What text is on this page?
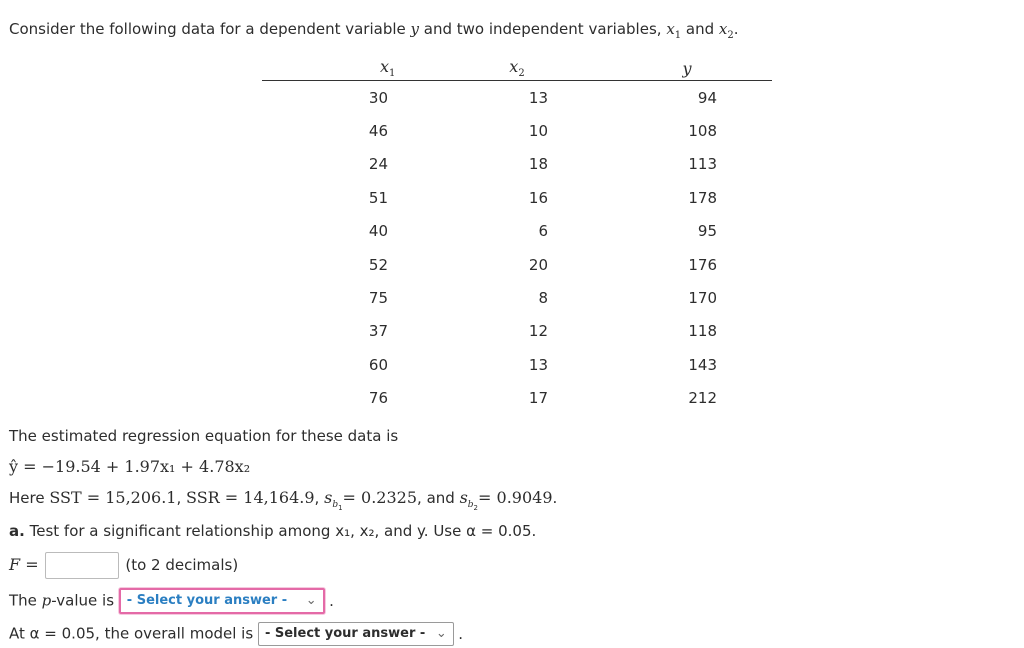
Consider the following data for a dependent variable y and two independent variables, $x_1$ and $x_2$.
$x_1$	$x_2$	y
30	13	94
46	10	108
24	18	113
51	16	178
40	6	95
52	20	176
75	8	170
37	12	118
60	13	143
76	17	212
The estimated regression equation for these data is
ŷ = −19.54 + 1.97x₁ + 4.78x₂
Here SST = 15,206.1, SSR = 14,164.9, $s_{b_1}= 0.2325$, and $s_{b_2}= 0.9049$.
a. Test for a significant relationship among x₁, x₂, and y. Use α = 0.05.
F =	(to 2 decimals)
The p-value is - Select your answer - ⌄ .
At α = 0.05, the overall model is - Select your answer - ⌄ .
